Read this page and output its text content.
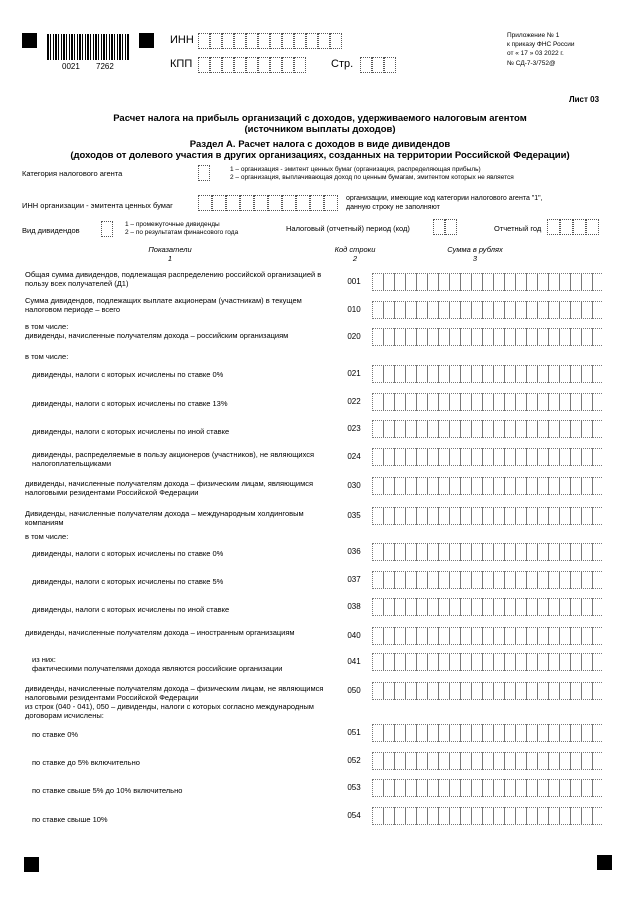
0021 7262
ИНН
КПП	Стр.
Приложение № 1
к приказу ФНС России
от « 17 » 03 2022 г.
№ СД-7-3/752@
Лист 03
Расчет налога на прибыль организаций с доходов, удерживаемого налоговым агентом
(источником выплаты доходов)
Раздел А. Расчет налога с доходов в виде дивидендов
(доходов от долевого участия в других организациях, созданных на территории Российской Федерации)
Категория налогового агента	1 – организация - эмитент ценных бумаг (организация, распределяющая прибыль)
2 – организация, выплачивающая доход по ценным бумагам, эмитентом которых не является
ИНН организации - эмитента ценных бумаг
организации, имеющие код категории налогового агента "1",
данную строку не заполняют
Вид дивидендов
1 – промежуточные дивиденды
2 – по результатам финансового года	Налоговый (отчетный) период (код)	Отчетный год
Показатели
1
Код строки
2
Сумма в рублях
3
Общая сумма дивидендов, подлежащая распределению российской организацией в пользу всех получателей (Д1)	001
Сумма дивидендов, подлежащих выплате акционерам (участникам) в текущем налоговом периоде – всего	010
в том числе:
дивиденды, начисленные получателям дохода – российским организациям	020
в том числе:
дивиденды, налоги с которых исчислены по ставке 0%	021
дивиденды, налоги с которых исчислены по ставке 13%	022
дивиденды, налоги с которых исчислены по иной ставке	023
дивиденды, распределяемые в пользу акционеров (участников), не являющихся налогоплательщиками
024
дивиденды, начисленные получателям дохода – физическим лицам, являющимся налоговыми резидентами Российской Федерации
030
Дивиденды, начисленные получателям дохода – международным холдинговым компаниям
035
в том числе:
дивиденды, налоги с которых исчислены по ставке 0%	036
дивиденды, налоги с которых исчислены по ставке 5%	037
дивиденды, налоги с которых исчислены по иной ставке	038
дивиденды, начисленные получателям дохода – иностранным организациям	040
из них:
фактическими получателями дохода являются российские организации
041
дивиденды, начисленные получателям дохода – физическим лицам, не являющимся налоговыми резидентами Российской Федерации
из строк (040 - 041), 050 – дивиденды, налоги с которых согласно международным договорам исчислены:
050
по ставке 0%	051
по ставке до 5% включительно	052
по ставке свыше 5% до 10% включительно	053
по ставке свыше 10%	054
